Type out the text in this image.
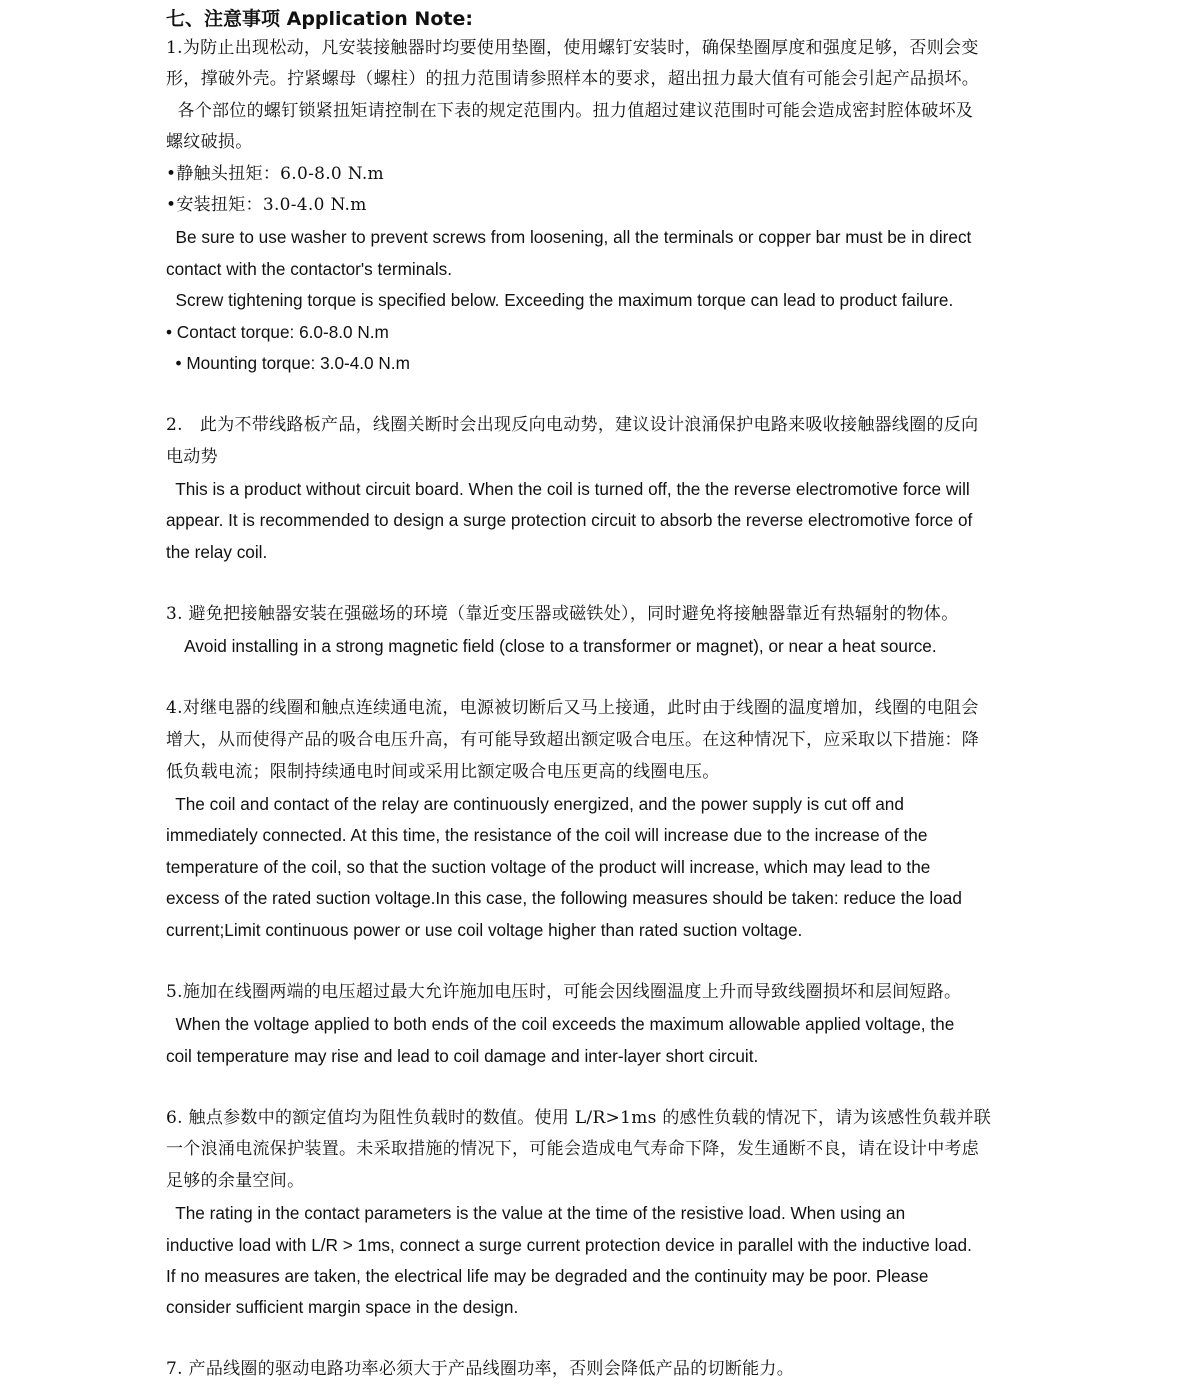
七、注意事项 Application Note:
1.为防止出现松动，凡安装接触器时均要使用垫圈，使用螺钉安装时，确保垫圈厚度和强度足够，否则会变
形，撑破外壳。拧紧螺母（螺柱）的扭力范围请参照样本的要求，超出扭力最大值有可能会引起产品损坏。
各个部位的螺钉锁紧扭矩请控制在下表的规定范围内。扭力值超过建议范围时可能会造成密封腔体破坏及
螺纹破损。
•静触头扭矩：6.0-8.0 N.m
•安装扭矩：3.0-4.0 N.m
Be sure to use washer to prevent screws from loosening, all the terminals or copper bar must be in direct
contact with the contactor's terminals.
Screw tightening torque is specified below. Exceeding the maximum torque can lead to product failure.
• Contact torque: 6.0-8.0 N.m
• Mounting torque: 3.0-4.0 N.m
2.   此为不带线路板产品，线圈关断时会出现反向电动势，建议设计浪涌保护电路来吸收接触器线圈的反向
电动势
This is a product without circuit board. When the coil is turned off, the the reverse electromotive force will
appear. It is recommended to design a surge protection circuit to absorb the reverse electromotive force of
the relay coil.
3. 避免把接触器安装在强磁场的环境（靠近变压器或磁铁处），同时避免将接触器靠近有热辐射的物体。
Avoid installing in a strong magnetic field (close to a transformer or magnet), or near a heat source.
4.对继电器的线圈和触点连续通电流，电源被切断后又马上接通，此时由于线圈的温度增加，线圈的电阻会
增大，从而使得产品的吸合电压升高，有可能导致超出额定吸合电压。在这种情况下，应采取以下措施：降
低负载电流；限制持续通电时间或采用比额定吸合电压更高的线圈电压。
The coil and contact of the relay are continuously energized, and the power supply is cut off and
immediately connected. At this time, the resistance of the coil will increase due to the increase of the
temperature of the coil, so that the suction voltage of the product will increase, which may lead to the
excess of the rated suction voltage.In this case, the following measures should be taken: reduce the load
current;Limit continuous power or use coil voltage higher than rated suction voltage.
5.施加在线圈两端的电压超过最大允许施加电压时，可能会因线圈温度上升而导致线圈损坏和层间短路。
When the voltage applied to both ends of the coil exceeds the maximum allowable applied voltage, the
coil temperature may rise and lead to coil damage and inter-layer short circuit.
6. 触点参数中的额定值均为阻性负载时的数值。使用 L/R>1ms 的感性负载的情况下，请为该感性负载并联
一个浪涌电流保护装置。未采取措施的情况下，可能会造成电气寿命下降，发生通断不良，请在设计中考虑
足够的余量空间。
The rating in the contact parameters is the value at the time of the resistive load. When using an
inductive load with L/R > 1ms, connect a surge current protection device in parallel with the inductive load.
If no measures are taken, the electrical life may be degraded and the continuity may be poor. Please
consider sufficient margin space in the design.
7. 产品线圈的驱动电路功率必须大于产品线圈功率，否则会降低产品的切断能力。
